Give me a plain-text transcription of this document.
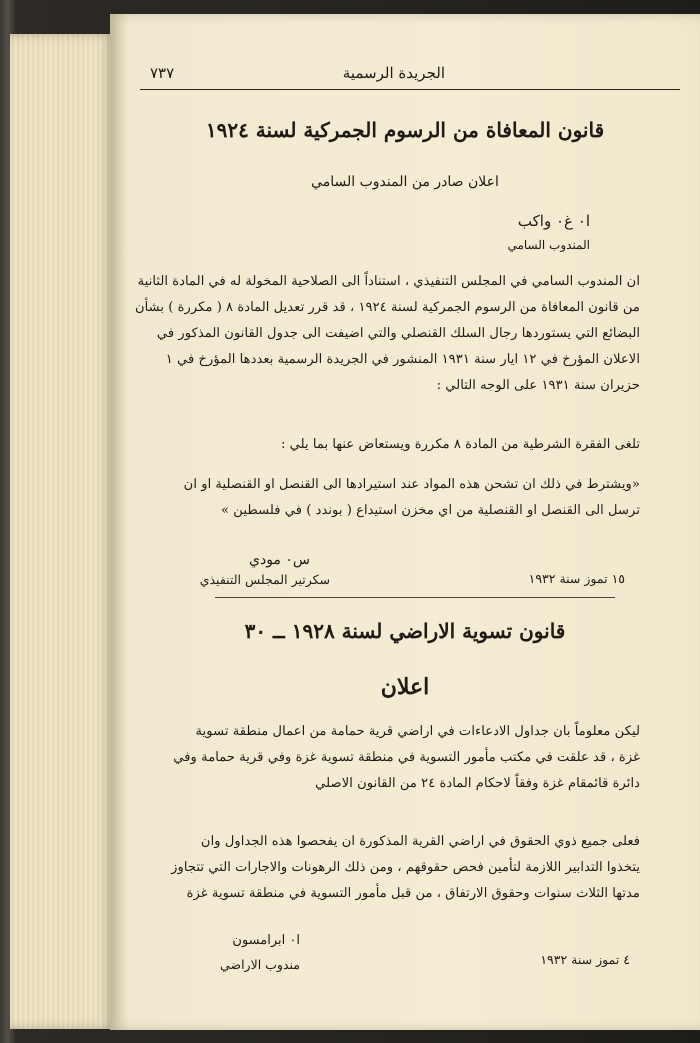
الجريدة الرسمية
٧٣٧
قانون المعافاة من الرسوم الجمركية لسنة ١٩٢٤
اعلان صادر من المندوب السامي
ا٠ غ٠ واكب
المندوب السامي
ان المندوب السامي في المجلس التنفيذي ، استناداً الى الصلاحية المخولة له في المادة الثانية
من قانون المعافاة من الرسوم الجمركية لسنة ١٩٢٤ ، قد قرر تعديل المادة ٨ ( مكررة ) بشأن
البضائع التي يستوردها رجال السلك القنصلي والتي اضيفت الى جدول القانون المذكور في
الاعلان المؤرخ في ١٢ ايار سنة ١٩٣١ المنشور في الجريدة الرسمية بعددها المؤرخ في ١
حزيران سنة ١٩٣١ على الوجه التالي :
تلغى الفقرة الشرطية من المادة ٨ مكررة ويستعاض عنها بما يلي :
«ويشترط في ذلك ان تشحن هذه المواد عند استيرادها الى القنصل او القنصلية او ان
ترسل الى القنصل او القنصلية من اي مخزن استيداع ( بوندد ) في فلسطين »
س٠ مودي
سكرتير المجلس التنفيذي	١٥ تموز سنة ١٩٣٢
قانون تسوية الاراضي لسنة ١٩٢٨ ــ ٣٠
اعلان
ليكن معلوماً بان جداول الادعاءات في اراضي قرية حمامة من اعمال منطقة تسوية
غزة ، قد علقت في مكتب مأمور التسوية في منطقة تسوية غزة وفي قرية حمامة وفي
دائرة قائمقام غزة وفقاً لاحكام المادة ٢٤ من القانون الاصلي
فعلى جميع ذوي الحقوق في اراضي القرية المذكورة ان يفحصوا هذه الجداول وان
يتخذوا التدابير اللازمة لتأمين فحص حقوقهم ، ومن ذلك الرهونات والاجارات التي تتجاوز
مدتها الثلاث سنوات وحقوق الارتفاق ، من قبل مأمور التسوية في منطقة تسوية غزة
ا٠ ابرامسون
مندوب الاراضي	٤ تموز سنة ١٩٣٢
